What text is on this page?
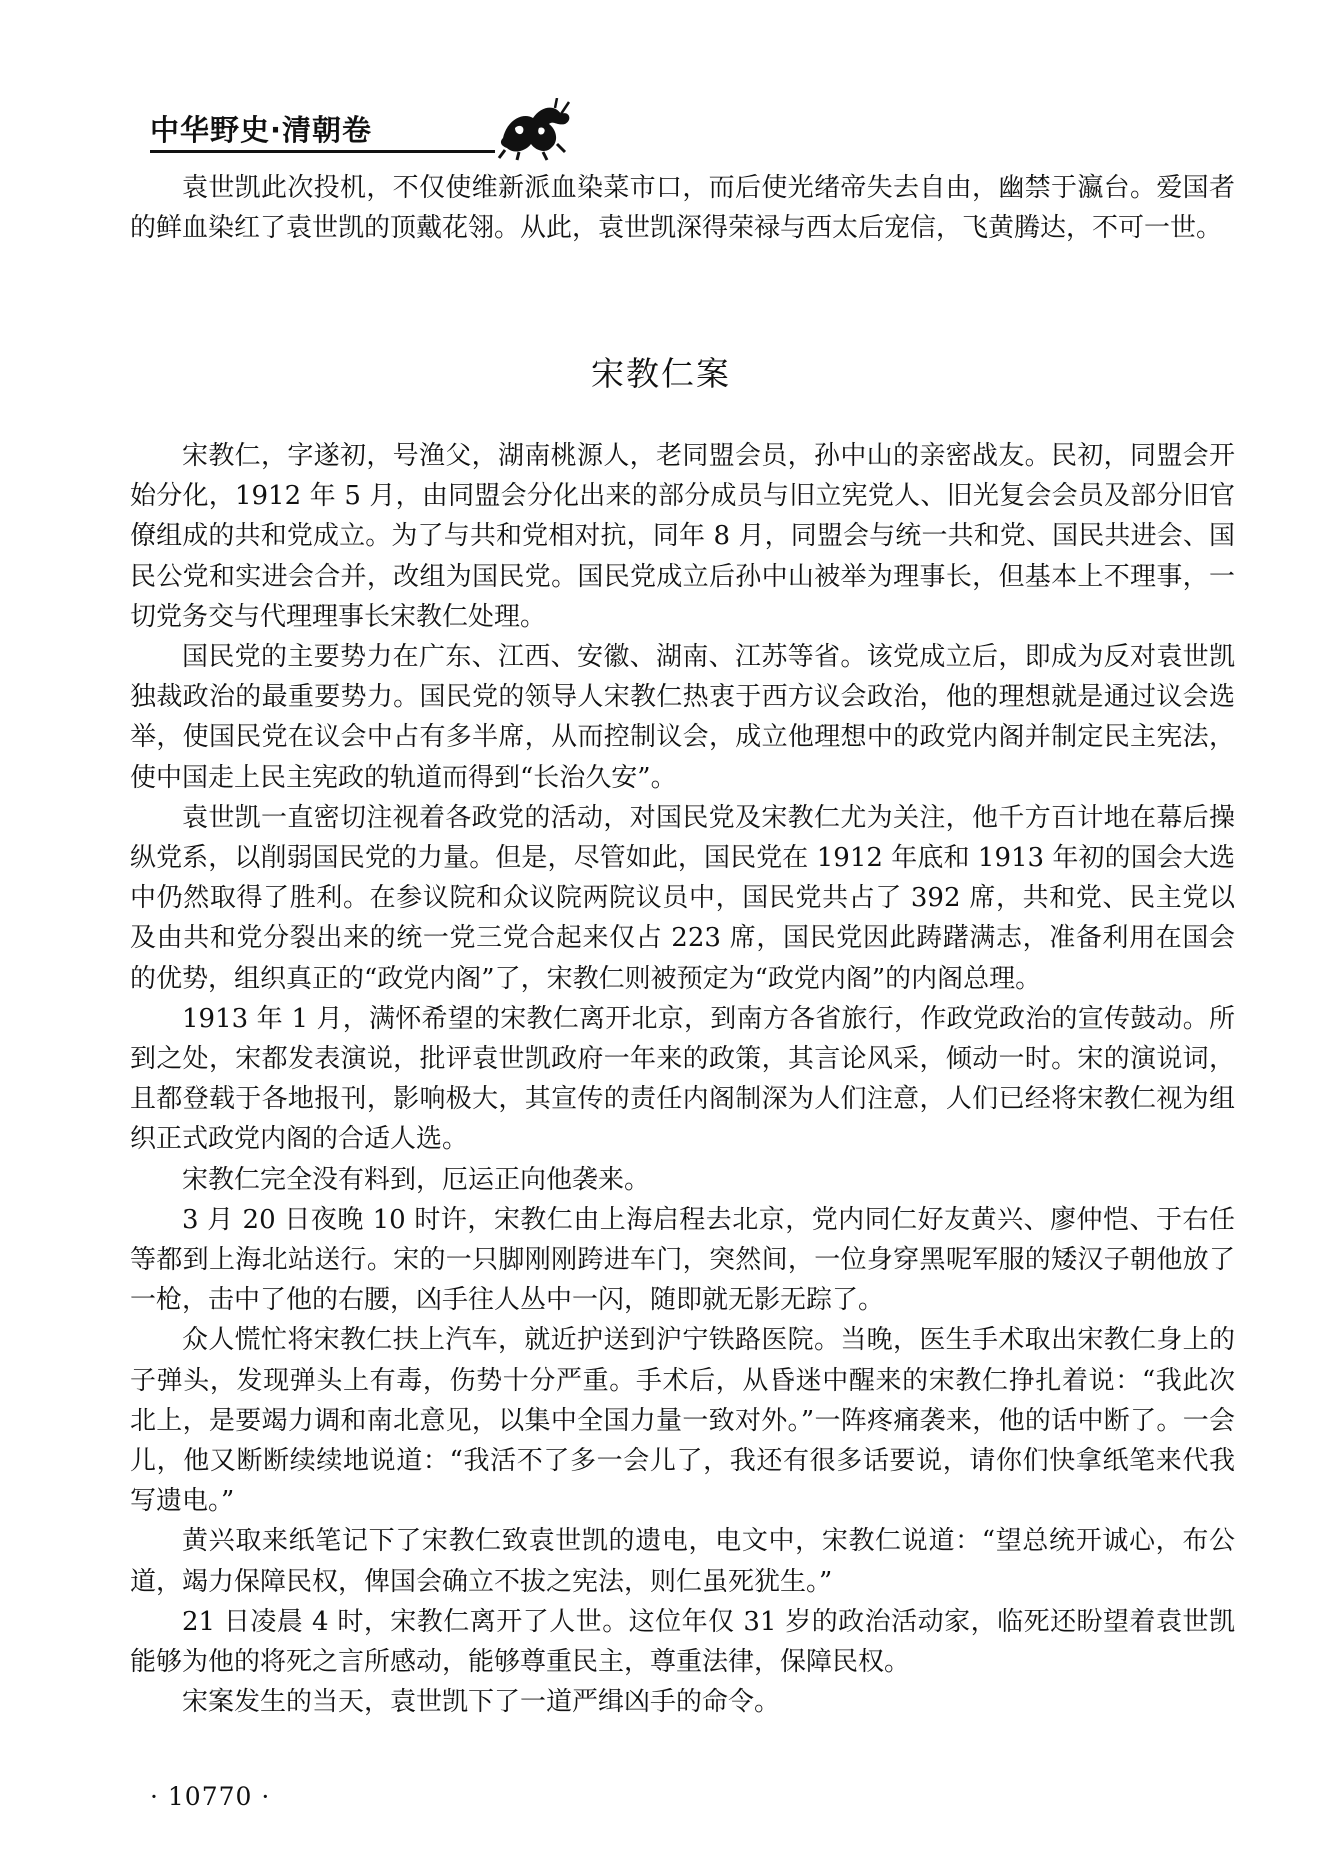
中华野史·清朝卷

袁世凯此次投机，不仅使维新派血染菜市口，而后使光绪帝失去自由，幽禁于瀛台。爱国者的鲜血染红了袁世凯的顶戴花翎。从此，袁世凯深得荣禄与西太后宠信，飞黄腾达，不可一世。

宋教仁案

宋教仁，字遂初，号渔父，湖南桃源人，老同盟会员，孙中山的亲密战友。民初，同盟会开始分化，1912 年 5 月，由同盟会分化出来的部分成员与旧立宪党人、旧光复会会员及部分旧官僚组成的共和党成立。为了与共和党相对抗，同年 8 月，同盟会与统一共和党、国民共进会、国民公党和实进会合并，改组为国民党。国民党成立后孙中山被举为理事长，但基本上不理事，一切党务交与代理理事长宋教仁处理。

国民党的主要势力在广东、江西、安徽、湖南、江苏等省。该党成立后，即成为反对袁世凯独裁政治的最重要势力。国民党的领导人宋教仁热衷于西方议会政治，他的理想就是通过议会选举，使国民党在议会中占有多半席，从而控制议会，成立他理想中的政党内阁并制定民主宪法，使中国走上民主宪政的轨道而得到“长治久安”。

袁世凯一直密切注视着各政党的活动，对国民党及宋教仁尤为关注，他千方百计地在幕后操纵党系，以削弱国民党的力量。但是，尽管如此，国民党在 1912 年底和 1913 年初的国会大选中仍然取得了胜利。在参议院和众议院两院议员中，国民党共占了 392 席，共和党、民主党以及由共和党分裂出来的统一党三党合起来仅占 223 席，国民党因此踌躇满志，准备利用在国会的优势，组织真正的“政党内阁”了，宋教仁则被预定为“政党内阁”的内阁总理。

1913 年 1 月，满怀希望的宋教仁离开北京，到南方各省旅行，作政党政治的宣传鼓动。所到之处，宋都发表演说，批评袁世凯政府一年来的政策，其言论风采，倾动一时。宋的演说词，且都登载于各地报刊，影响极大，其宣传的责任内阁制深为人们注意，人们已经将宋教仁视为组织正式政党内阁的合适人选。

宋教仁完全没有料到，厄运正向他袭来。

3 月 20 日夜晚 10 时许，宋教仁由上海启程去北京，党内同仁好友黄兴、廖仲恺、于右任等都到上海北站送行。宋的一只脚刚刚跨进车门，突然间，一位身穿黑呢军服的矮汉子朝他放了一枪，击中了他的右腰，凶手往人丛中一闪，随即就无影无踪了。

众人慌忙将宋教仁扶上汽车，就近护送到沪宁铁路医院。当晚，医生手术取出宋教仁身上的子弹头，发现弹头上有毒，伤势十分严重。手术后，从昏迷中醒来的宋教仁挣扎着说：“我此次北上，是要竭力调和南北意见，以集中全国力量一致对外。”一阵疼痛袭来，他的话中断了。一会儿，他又断断续续地说道：“我活不了多一会儿了，我还有很多话要说，请你们快拿纸笔来代我写遗电。”

黄兴取来纸笔记下了宋教仁致袁世凯的遗电，电文中，宋教仁说道：“望总统开诚心，布公道，竭力保障民权，俾国会确立不拔之宪法，则仁虽死犹生。”

21 日凌晨 4 时，宋教仁离开了人世。这位年仅 31 岁的政治活动家，临死还盼望着袁世凯能够为他的将死之言所感动，能够尊重民主，尊重法律，保障民权。

宋案发生的当天，袁世凯下了一道严缉凶手的命令。

· 10770 ·
